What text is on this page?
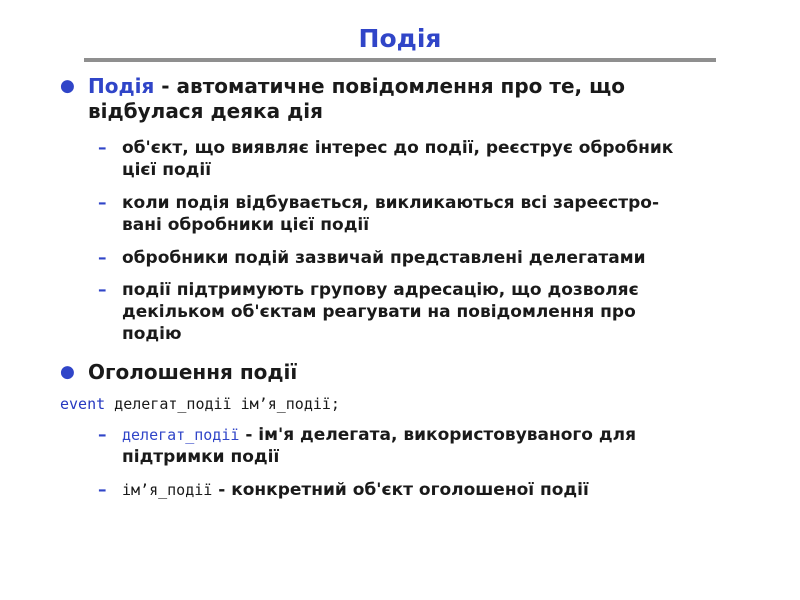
Подія
● Подія - автоматичне повідомлення про те, що
відбулася деяка дія
– об'єкт, що виявляє інтерес до події, реєструє обробник
цієї події
– коли подія відбувається, викликаються всі зареєстро-
вані обробники цієї події
– обробники подій зазвичай представлені делегатами
– події підтримують групову адресацію, що дозволяє
декільком об'єктам реагувати на повідомлення про
подію
● Оголошення події
event делегат_події ім’я_події;
– делегат_події - ім'я делегата, використовуваного для
підтримки події
– ім’я_події - конкретний об'єкт оголошеної події
